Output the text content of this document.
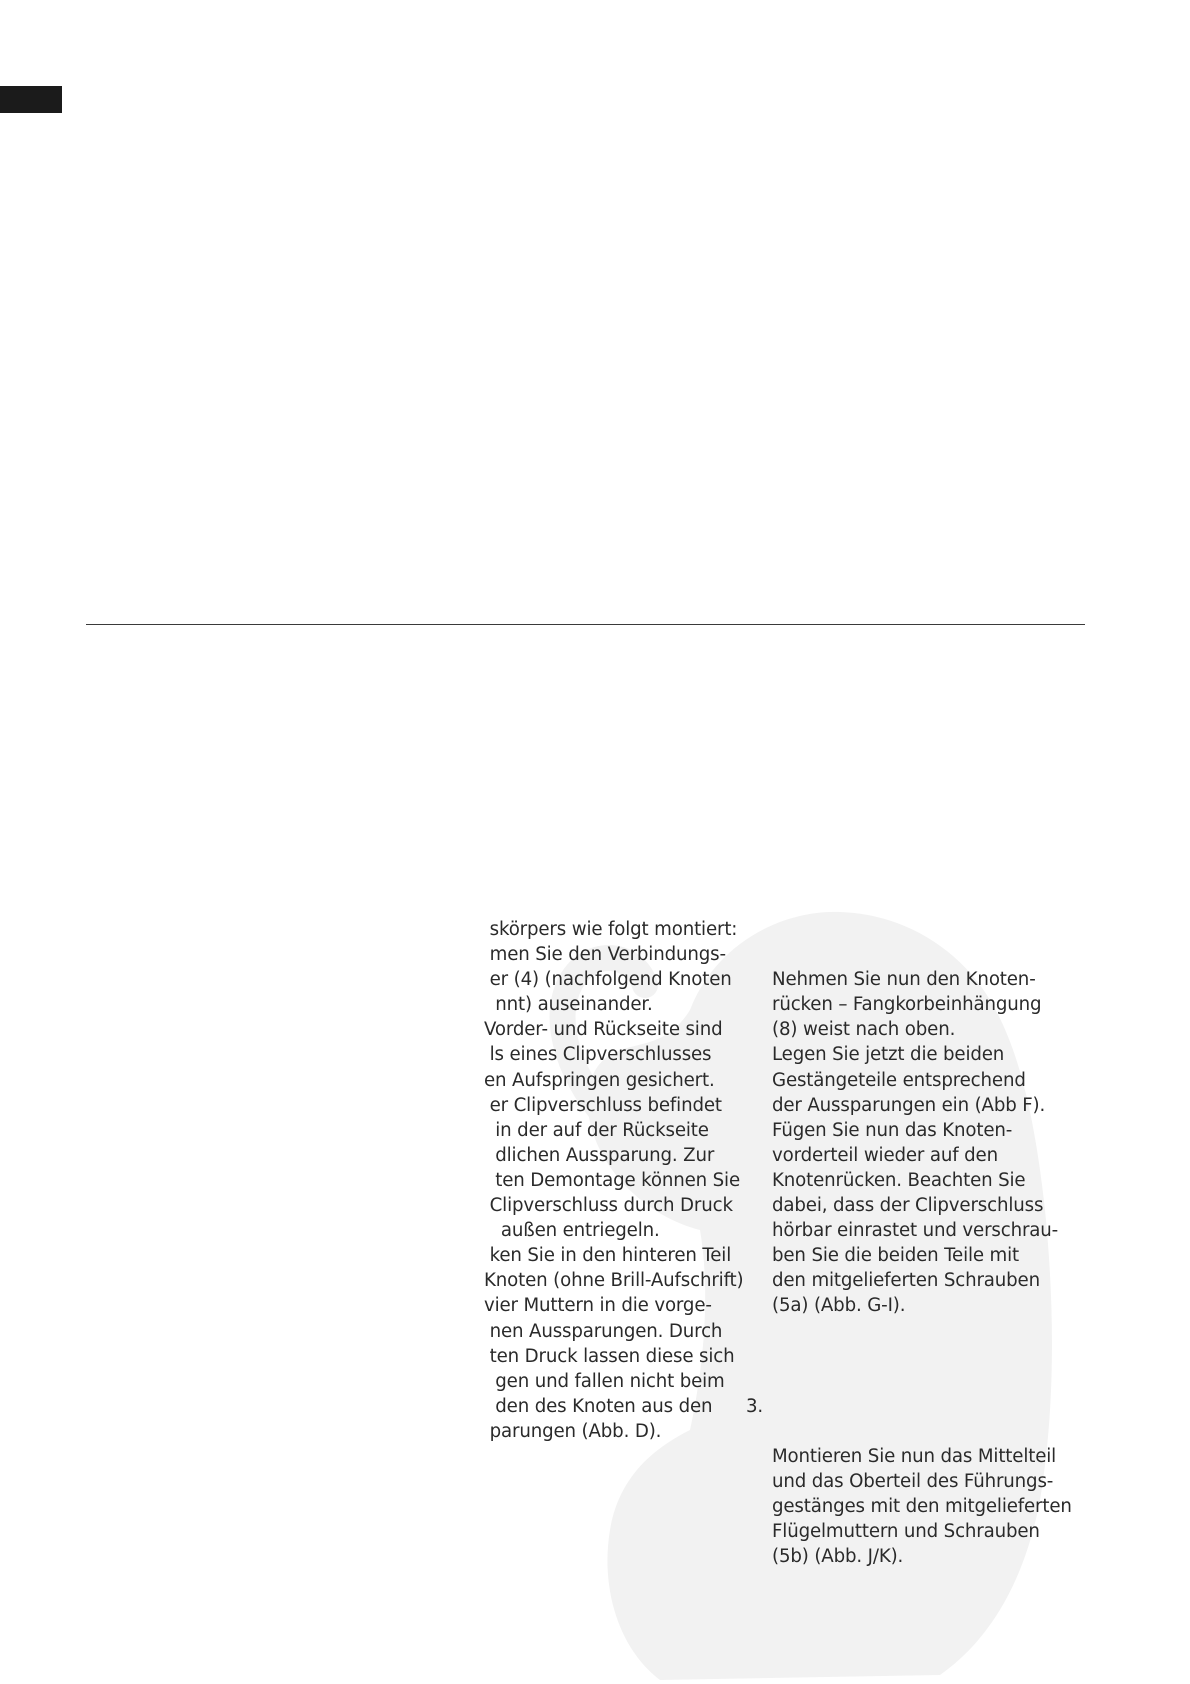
skörpers wie folgt montiert:
men Sie den Verbindungs-
er (4) (nachfolgend Knoten
nnt) auseinander.
Vorder- und Rückseite sind
ls eines Clipverschlusses
en Aufspringen gesichert.
er Clipverschluss befindet
in der auf der Rückseite
dlichen Aussparung. Zur
ten Demontage können Sie
Clipverschluss durch Druck
außen entriegeln.
ken Sie in den hinteren Teil
Knoten (ohne Brill-Aufschrift)
vier Muttern in die vorge-
nen Aussparungen. Durch
ten Druck lassen diese sich
gen und fallen nicht beim
den des Knoten aus den
parungen (Abb. D).

Nehmen Sie nun den Knoten-
rücken – Fangkorbeinhängung
(8) weist nach oben.
Legen Sie jetzt die beiden
Gestängeteile entsprechend
der Aussparungen ein (Abb F).
Fügen Sie nun das Knoten-
vorderteil wieder auf den
Knotenrücken. Beachten Sie
dabei, dass der Clipverschluss
hörbar einrastet und verschrau-
ben Sie die beiden Teile mit
den mitgelieferten Schrauben
(5a) (Abb. G-I).

3.

Montieren Sie nun das Mittelteil
und das Oberteil des Führungs-
gestänges mit den mitgelieferten
Flügelmuttern und Schrauben
(5b) (Abb. J/K).
